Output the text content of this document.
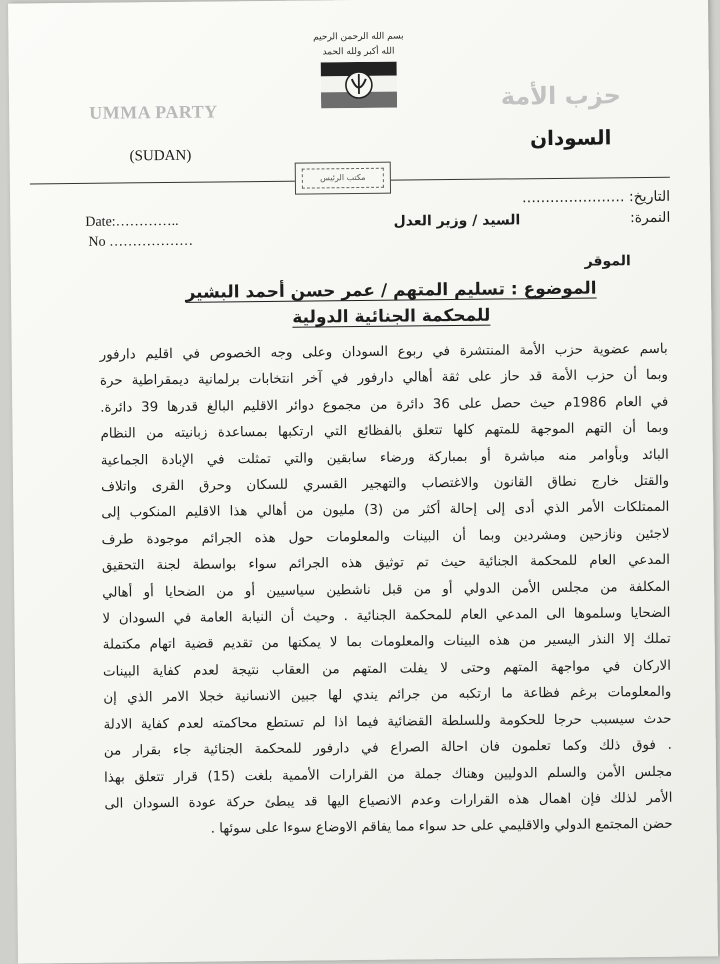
بسم الله الرحمن الرحيم
الله أكبر ولله الحمد
UMMA PARTY
(SUDAN)
حزب الأمة
السودان
مكتب الرئيس
Date:…………..
No ………………
التاريخ: ………………….
النمرة:
السيد / وزير العدل
الموقر
الموضوع : تسليم المتهم / عمر حسن أحمد البشير
للمحكمة الجنائية الدولية

باسم عضوية حزب الأمة المنتشرة في ربوع السودان وعلى وجه الخصوص في اقليم دارفور

وبما أن حزب الأمة قد حاز على ثقة أهالي دارفور في آخر انتخابات برلمانية ديمقراطية حرة

في العام 1986م حيث حصل على 36 دائرة من مجموع دوائر الاقليم البالغ قدرها 39 دائرة.

وبما أن التهم الموجهة للمتهم كلها تتعلق بالفظائع التي ارتكبها بمساعدة زبانيته من النظام

البائد وبأوامر منه مباشرة أو بمباركة ورضاء سابقين والتي تمثلت في الإبادة الجماعية

والقتل خارج نطاق القانون والاغتصاب والتهجير القسري للسكان وحرق القرى واتلاف

الممتلكات الأمر الذي أدى إلى إحالة أكثر من (3) مليون من أهالي هذا الاقليم المنكوب إلى

لاجئين ونازحين ومشردين وبما أن البينات والمعلومات حول هذه الجرائم موجودة طرف

المدعي العام للمحكمة الجنائية حيث تم توثيق هذه الجرائم سواء بواسطة لجنة التحقيق

المكلفة من مجلس الأمن الدولي أو من قبل ناشطين سياسيين أو من الضحايا أو أهالي

الضحايا وسلموها الى المدعي العام للمحكمة الجنائية . وحيث أن النيابة العامة في السودان لا

تملك إلا النذر اليسير من هذه البينات والمعلومات بما لا يمكنها من تقديم قضية اتهام مكتملة

الاركان في مواجهة المتهم وحتى لا يفلت المتهم من العقاب نتيجة لعدم كفاية البينات

والمعلومات برغم فظاعة ما ارتكبه من جرائم يندي لها جبين الانسانية خجلا الامر الذي إن

حدث سيسبب حرجا للحكومة وللسلطة القضائية فيما اذا لم تستطع محاكمته لعدم كفاية الادلة

. فوق ذلك وكما تعلمون فان احالة الصراع في دارفور للمحكمة الجنائية جاء بقرار من

مجلس الأمن والسلم الدوليين وهناك جملة من القرارات الأممية بلغت (15) قرار تتعلق بهذا

الأمر لذلك فإن اهمال هذه القرارات وعدم الانصياع اليها قد يبطئ حركة عودة السودان الى

حضن المجتمع الدولي والاقليمي على حد سواء مما يفاقم الاوضاع سوءا على سوئها .
